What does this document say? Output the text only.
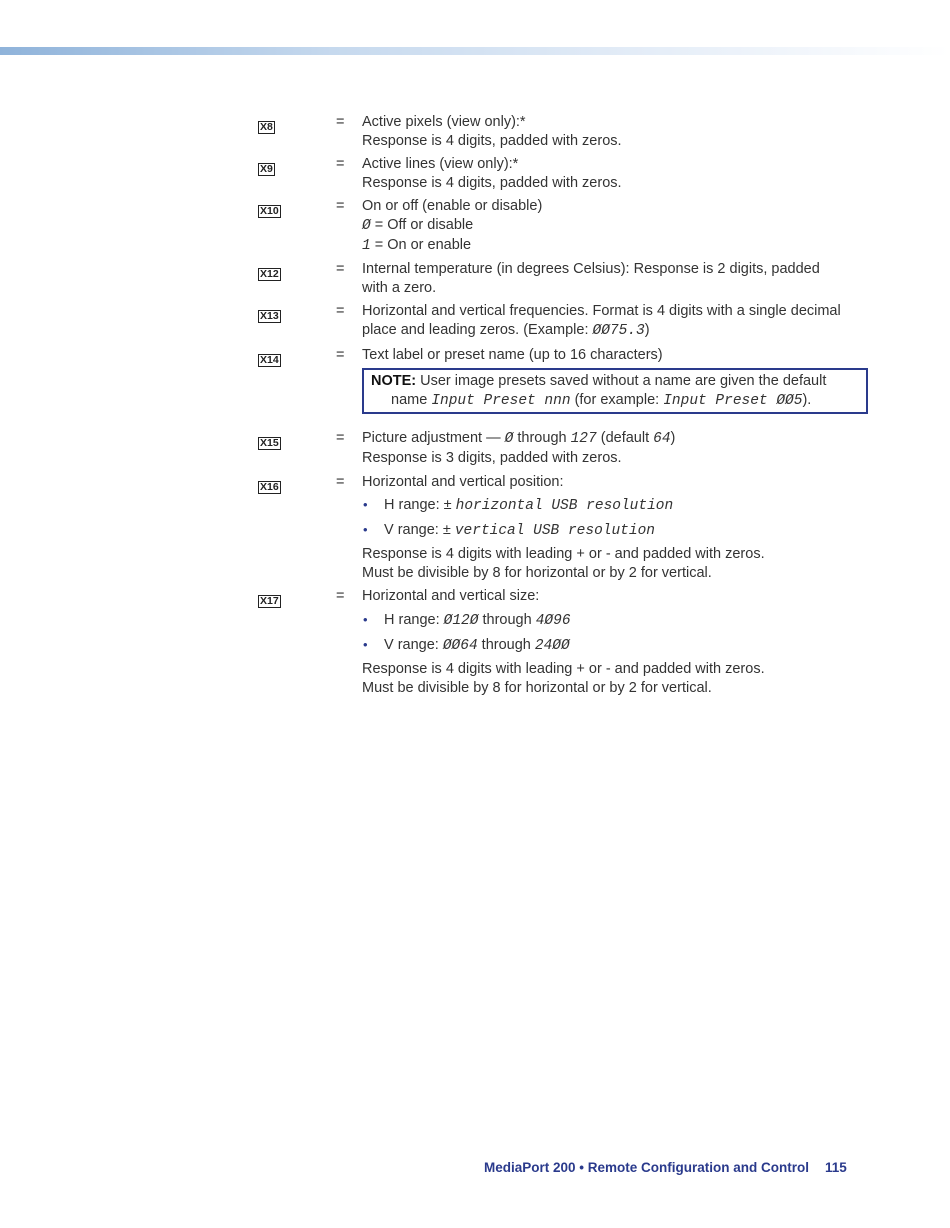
X8	=	Active pixels (view only):*
Response is 4 digits, padded with zeros.
X9	=	Active lines (view only):*
Response is 4 digits, padded with zeros.
X10	=	On or off (enable or disable)
Ø = Off or disable
1 = On or enable
X12	=	Internal temperature (in degrees Celsius): Response is 2 digits, padded
with a zero.
X13	=	Horizontal and vertical frequencies. Format is 4 digits with a single decimal
place and leading zeros. (Example: ØØ75.3)
X14	=	Text label or preset name (up to 16 characters)
NOTE: User image presets saved without a name are given the default
name Input Preset nnn (for example: Input Preset ØØ5).
X15	=	Picture adjustment — Ø through 127 (default 64)
Response is 3 digits, padded with zeros.
X16	=	Horizontal and vertical position:
•	H range: ± horizontal USB resolution
•	V range: ± vertical USB resolution
Response is 4 digits with leading + or - and padded with zeros.
Must be divisible by 8 for horizontal or by 2 for vertical.
X17	=	Horizontal and vertical size:
•	H range: Ø12Ø through 4Ø96
•	V range: ØØ64 through 24ØØ
Response is 4 digits with leading + or - and padded with zeros.
Must be divisible by 8 for horizontal or by 2 for vertical.
MediaPort 200 • Remote Configuration and Control 115
